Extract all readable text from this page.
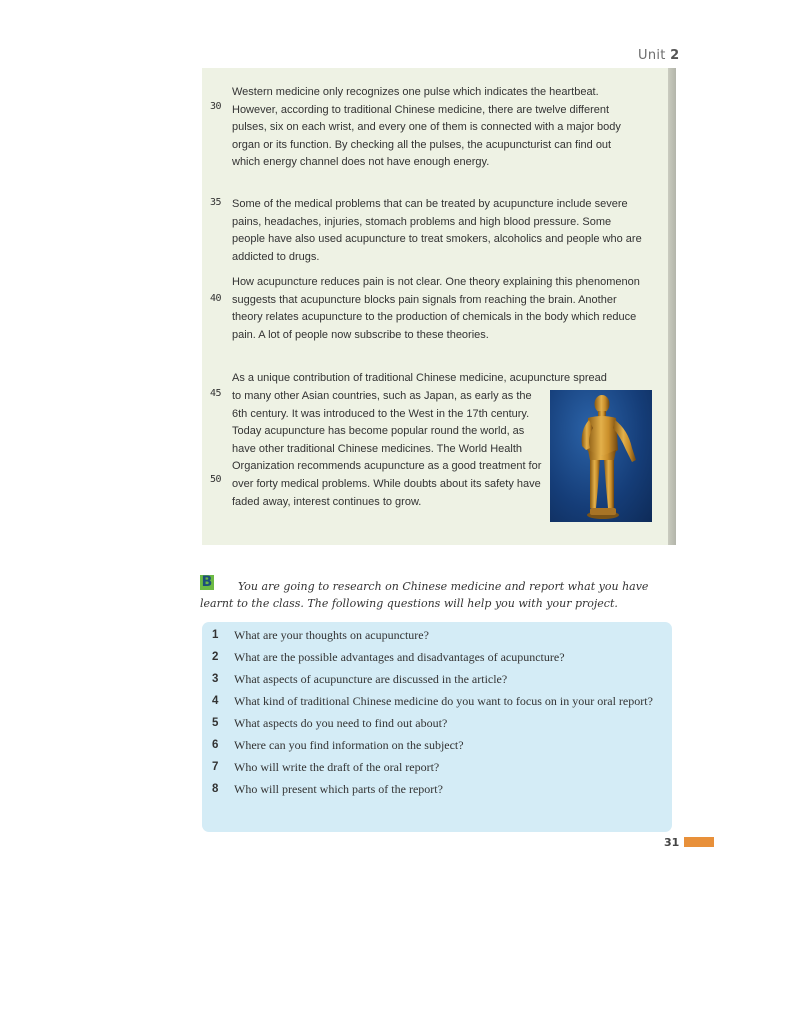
Unit 2

Western medicine only recognizes one pulse which indicates the heartbeat. However, according to traditional Chinese medicine, there are twelve different pulses, six on each wrist, and every one of them is connected with a major body organ or its function. By checking all the pulses, the acupuncturist can find out which energy channel does not have enough energy.

Some of the medical problems that can be treated by acupuncture include severe pains, headaches, injuries, stomach problems and high blood pressure. Some people have also used acupuncture to treat smokers, alcoholics and people who are addicted to drugs.

How acupuncture reduces pain is not clear. One theory explaining this phenomenon suggests that acupuncture blocks pain signals from reaching the brain. Another theory relates acupuncture to the production of chemicals in the body which reduce pain. A lot of people now subscribe to these theories.

As a unique contribution of traditional Chinese medicine, acupuncture spread

to many other Asian countries, such as Japan, as early as the 6th century. It was introduced to the West in the 17th century. Today acupuncture has become popular round the world, as have other traditional Chinese medicines. The World Health Organization recommends acupuncture as a good treatment for over forty medical problems. While doubts about its safety have faded away, interest continues to grow.

30
35
40
45
50
B	You are going to research on Chinese medicine and report what you have learnt to the class. The following questions will help you with your project.

1	What are your thoughts on acupuncture?
2	What are the possible advantages and disadvantages of acupuncture?
3	What aspects of acupuncture are discussed in the article?
4	What kind of traditional Chinese medicine do you want to focus on in your oral report?
5	What aspects do you need to find out about?
6	Where can you find information on the subject?
7	Who will write the draft of the oral report?
8	Who will present which parts of the report?
31
